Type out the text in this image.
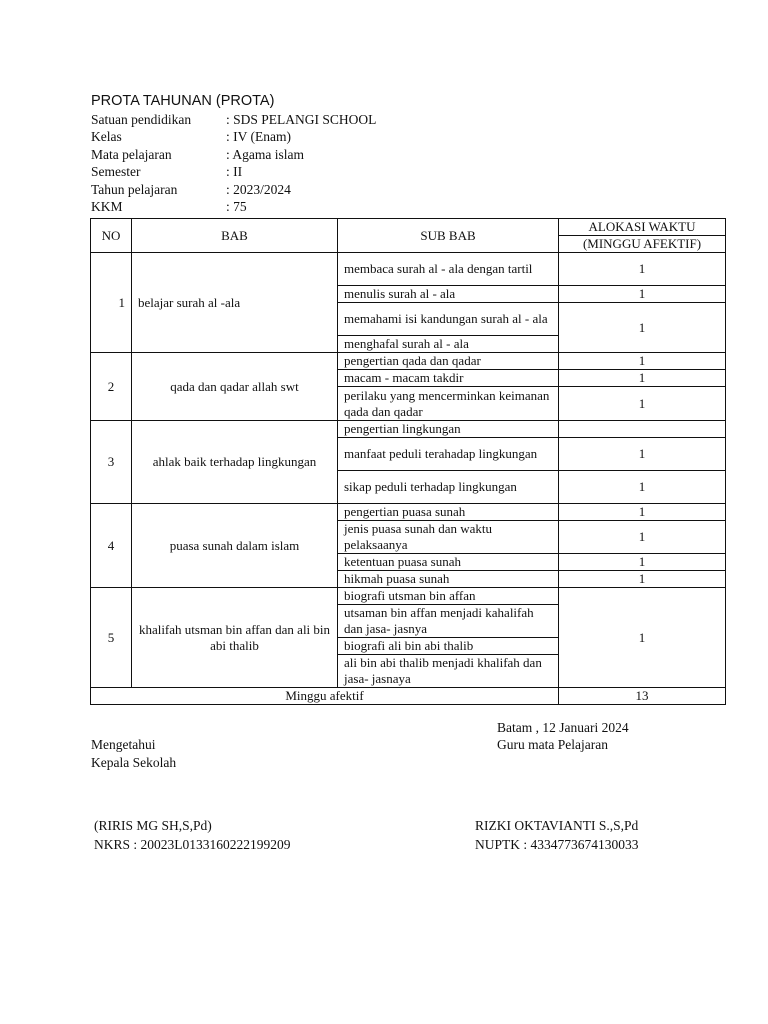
PROTA TAHUNAN (PROTA)
Satuan pendidikan	: SDS PELANGI SCHOOL
Kelas	: IV (Enam)
Mata pelajaran	: Agama islam
Semester	: II
Tahun pelajaran	: 2023/2024
KKM	: 75
NO	BAB	SUB BAB	ALOKASI WAKTU
			(MINGGU AFEKTIF)
1	belajar surah al -ala	membaca surah al - ala dengan tartil	1
		menulis surah al - ala	1
		memahami isi kandungan surah al - ala	1
		menghafal surah al - ala	
2	qada dan qadar allah swt	pengertian qada dan qadar	1
		macam - macam takdir	1
		perilaku yang mencerminkan keimanan qada dan qadar	1
3	ahlak baik terhadap lingkungan	pengertian lingkungan	
		manfaat peduli terahadap lingkungan	1
		sikap peduli terhadap lingkungan	1
4	puasa sunah dalam islam	pengertian puasa sunah	1
		jenis puasa sunah dan waktu pelaksaanya	1
		ketentuan puasa sunah	1
		hikmah puasa sunah	1
5	khalifah utsman bin affan dan ali bin abi thalib	biografi utsman bin affan	1
		utsaman bin affan menjadi kahalifah dan jasa- jasnya	
		biografi ali bin abi thalib	
		ali bin abi thalib menjadi khalifah dan jasa- jasnaya	
Minggu afektif			13
Batam , 12 Januari 2024
Mengetahui	Guru mata Pelajaran
Kepala Sekolah
(RIRIS MG SH,S,Pd)	RIZKI OKTAVIANTI S.,S,Pd
NKRS : 20023L0133160222199209	NUPTK : 4334773674130033
